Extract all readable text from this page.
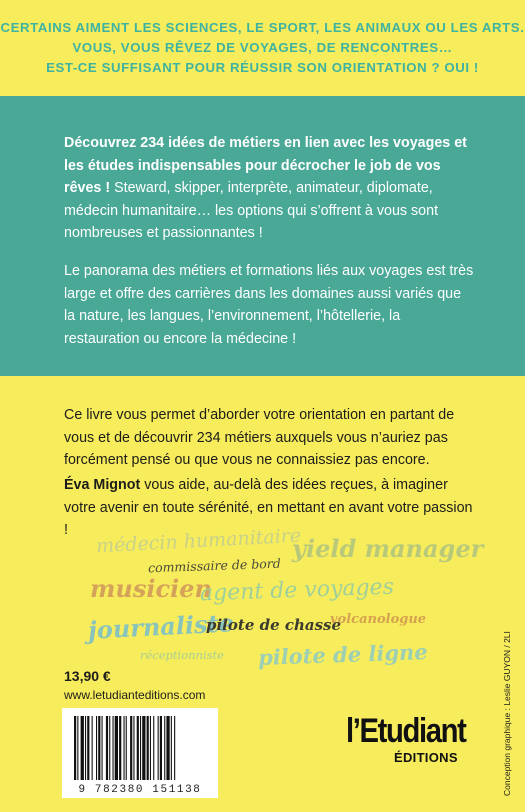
CERTAINS AIMENT LES SCIENCES, LE SPORT, LES ANIMAUX OU LES ARTS.
VOUS, VOUS RÊVEZ DE VOYAGES, DE RENCONTRES…
EST-CE SUFFISANT POUR RÉUSSIR SON ORIENTATION ? OUI !
Découvrez 234 idées de métiers en lien avec les voyages et les études indispensables pour décrocher le job de vos rêves ! Steward, skipper, interprète, animateur, diplomate, médecin humanitaire… les options qui s’offrent à vous sont nombreuses et passionnantes !
Le panorama des métiers et formations liés aux voyages est très large et offre des carrières dans les domaines aussi variés que la nature, les langues, l’environnement, l’hôtellerie, la restauration ou encore la médecine !
Ce livre vous permet d’aborder votre orientation en partant de vous et de découvrir 234 métiers auxquels vous n’auriez pas forcément pensé ou que vous ne connaissiez pas encore.
Éva Mignot vous aide, au-delà des idées reçues, à imaginer votre avenir en toute sérénité, en mettant en avant votre passion !	médecin humanitaire
yield manager
commissaire de bord
musicien
agent de voyages
journaliste
pilote de chasse
volcanologue
réceptionniste pilote de ligne
13,90 €
www.letudianteditions.com
9 782380 151138
l’Etudiant
ÉDITIONS	Conception graphique : Leslie GUYON / 2LI
